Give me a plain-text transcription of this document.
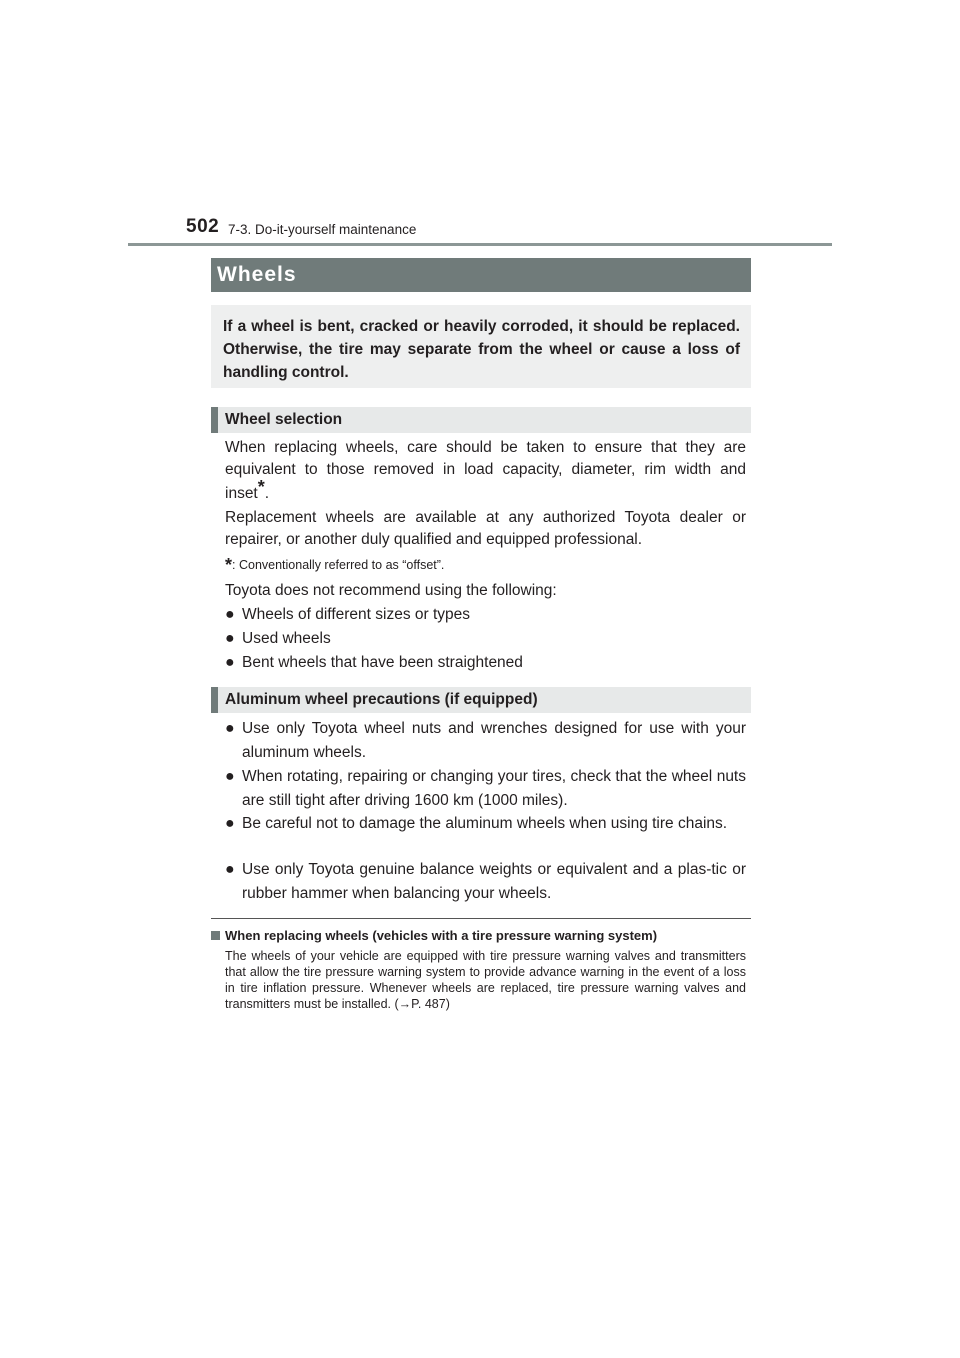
502 7-3. Do-it-yourself maintenance
Wheels
If a wheel is bent, cracked or heavily corroded, it should be replaced. Otherwise, the tire may separate from the wheel or cause a loss of handling control.
Wheel selection

When replacing wheels, care should be taken to ensure that they are equivalent to those removed in load capacity, diameter, rim width and inset*.

Replacement wheels are available at any authorized Toyota dealer or repairer, or another duly qualified and equipped professional.

*: Conventionally referred to as “offset”.
Toyota does not recommend using the following:
● Wheels of different sizes or types
● Used wheels
● Bent wheels that have been straightened
Aluminum wheel precautions (if equipped)
● Use only Toyota wheel nuts and wrenches designed for use with your aluminum wheels.
● When rotating, repairing or changing your tires, check that the wheel nuts are still tight after driving 1600 km (1000 miles).
● Be careful not to damage the aluminum wheels when using tire chains.
● Use only Toyota genuine balance weights or equivalent and a plas-tic or rubber hammer when balancing your wheels.
When replacing wheels (vehicles with a tire pressure warning system)
The wheels of your vehicle are equipped with tire pressure warning valves and transmitters that allow the tire pressure warning system to provide advance warning in the event of a loss in tire inflation pressure. Whenever wheels are replaced, tire pressure warning valves and transmitters must be installed. (→P. 487)
